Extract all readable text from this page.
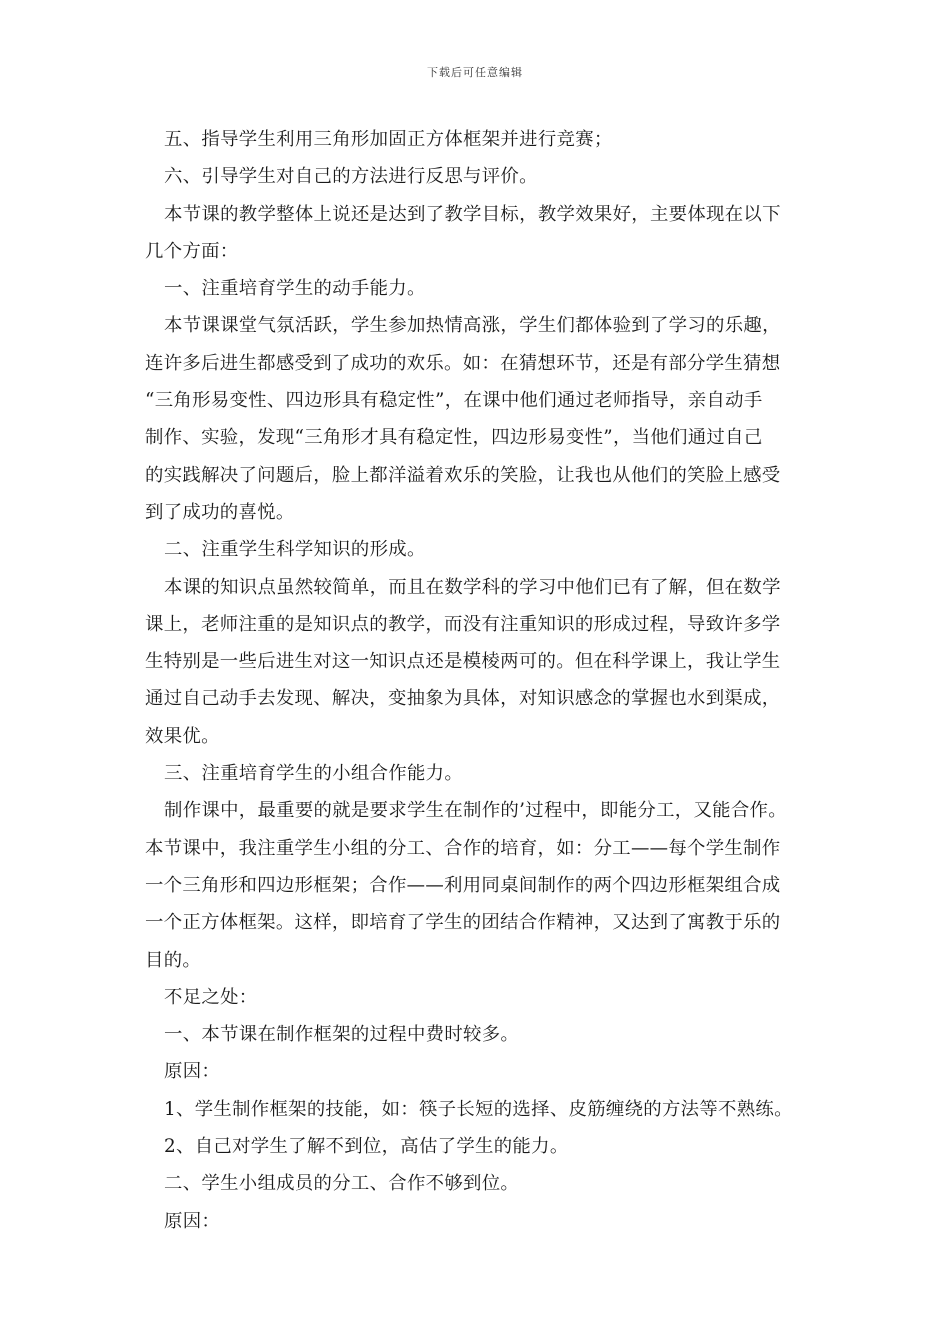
下载后可任意编辑

五、指导学生利用三角形加固正方体框架并进行竞赛；

六、引导学生对自己的方法进行反思与评价。

本节课的教学整体上说还是达到了教学目标，教学效果好，主要体现在以下

几个方面：

一、注重培育学生的动手能力。

本节课课堂气氛活跃，学生参加热情高涨，学生们都体验到了学习的乐趣，

连许多后进生都感受到了成功的欢乐。如：在猜想环节，还是有部分学生猜想

“三角形易变性、四边形具有稳定性”，在课中他们通过老师指导，亲自动手

制作、实验，发现“三角形才具有稳定性，四边形易变性”，当他们通过自己

的实践解决了问题后，脸上都洋溢着欢乐的笑脸，让我也从他们的笑脸上感受

到了成功的喜悦。

二、注重学生科学知识的形成。

本课的知识点虽然较简单，而且在数学科的学习中他们已有了解，但在数学

课上，老师注重的是知识点的教学，而没有注重知识的形成过程，导致许多学

生特别是一些后进生对这一知识点还是模棱两可的。但在科学课上，我让学生

通过自己动手去发现、解决，变抽象为具体，对知识感念的掌握也水到渠成，

效果优。

三、注重培育学生的小组合作能力。

制作课中，最重要的就是要求学生在制作的’过程中，即能分工，又能合作。

本节课中，我注重学生小组的分工、合作的培育，如：分工——每个学生制作

一个三角形和四边形框架；合作——利用同桌间制作的两个四边形框架组合成

一个正方体框架。这样，即培育了学生的团结合作精神，又达到了寓教于乐的

目的。

不足之处：

一、本节课在制作框架的过程中费时较多。

原因：

1、学生制作框架的技能，如：筷子长短的选择、皮筋缠绕的方法等不熟练。

2、自己对学生了解不到位，高估了学生的能力。

二、学生小组成员的分工、合作不够到位。

原因：
